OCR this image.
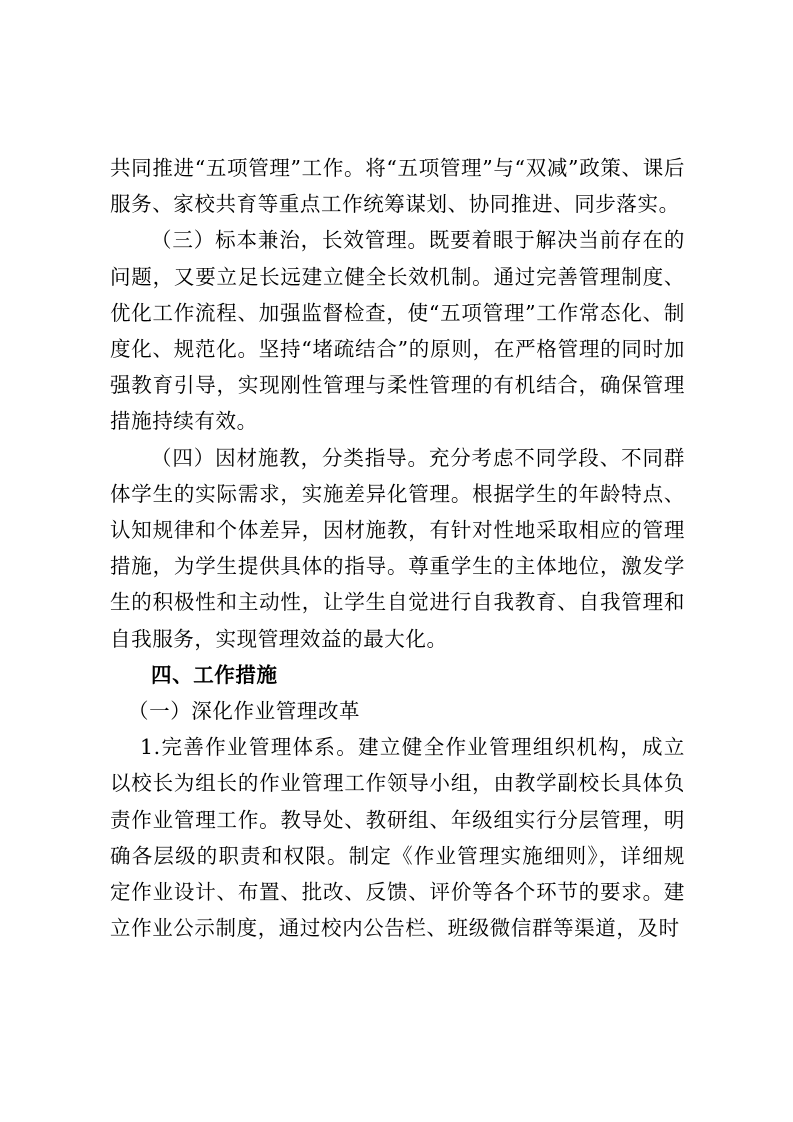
共同推进“五项管理”工作。将“五项管理”与“双减”政策、课后服务、家校共育等重点工作统筹谋划、协同推进、同步落实。

（三）标本兼治，长效管理。既要着眼于解决当前存在的问题，又要立足长远建立健全长效机制。通过完善管理制度、优化工作流程、加强监督检查，使“五项管理”工作常态化、制度化、规范化。坚持“堵疏结合”的原则，在严格管理的同时加强教育引导，实现刚性管理与柔性管理的有机结合，确保管理措施持续有效。

（四）因材施教，分类指导。充分考虑不同学段、不同群体学生的实际需求，实施差异化管理。根据学生的年龄特点、认知规律和个体差异，因材施教，有针对性地采取相应的管理措施，为学生提供具体的指导。尊重学生的主体地位，激发学生的积极性和主动性，让学生自觉进行自我教育、自我管理和自我服务，实现管理效益的最大化。

四、工作措施

（一）深化作业管理改革

1.完善作业管理体系。建立健全作业管理组织机构，成立以校长为组长的作业管理工作领导小组，由教学副校长具体负责作业管理工作。教导处、教研组、年级组实行分层管理，明确各层级的职责和权限。制定《作业管理实施细则》，详细规定作业设计、布置、批改、反馈、评价等各个环节的要求。建立作业公示制度，通过校内公告栏、班级微信群等渠道，及时
